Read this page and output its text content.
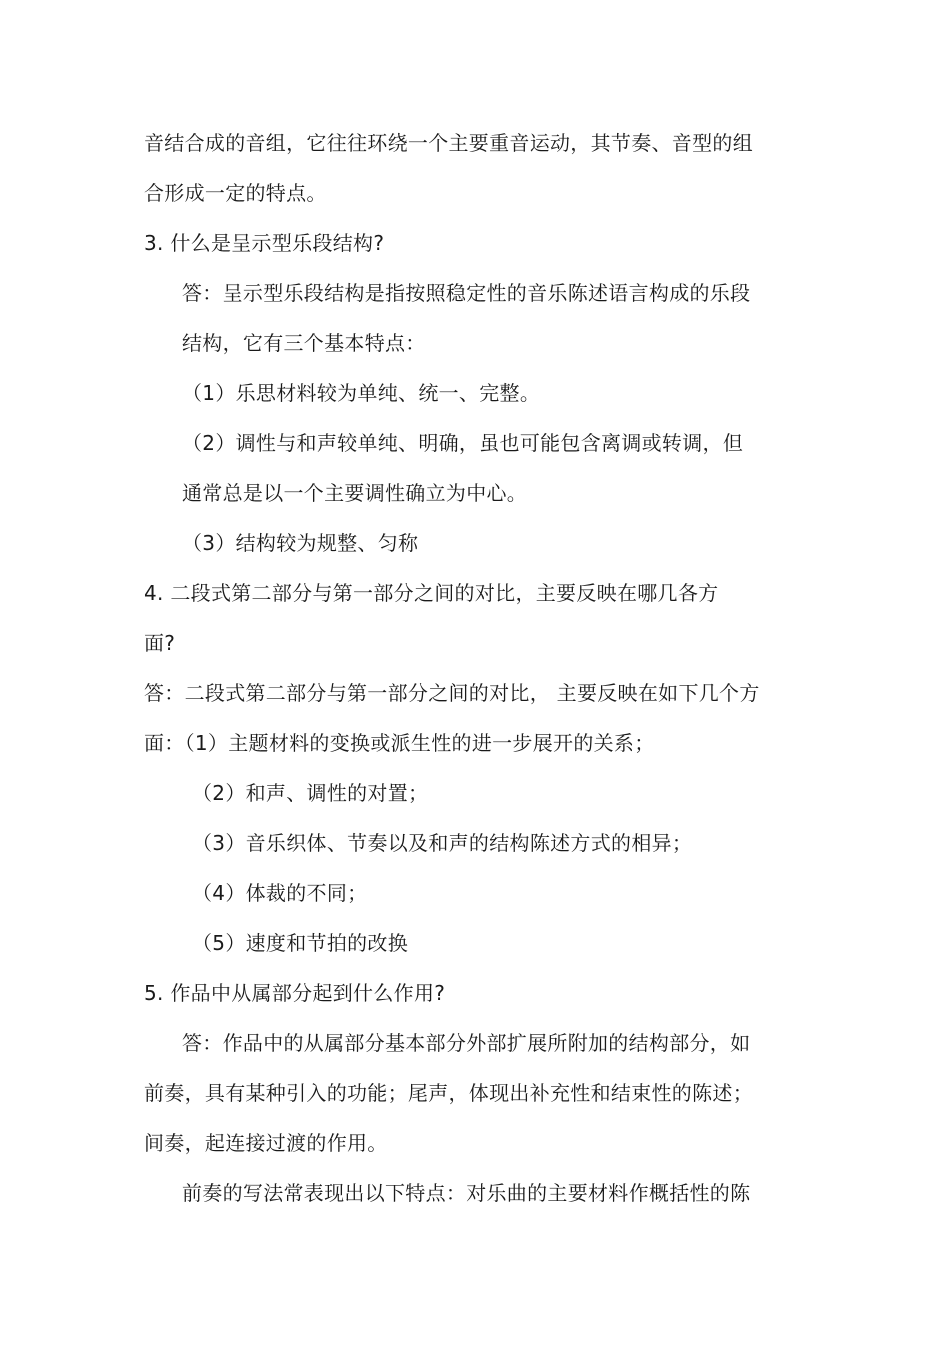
音结合成的音组，它往往环绕一个主要重音运动，其节奏、音型的组
合形成一定的特点。
3. 什么是呈示型乐段结构?
答：呈示型乐段结构是指按照稳定性的音乐陈述语言构成的乐段
结构，它有三个基本特点：
（1）乐思材料较为单纯、统一、完整。
（2）调性与和声较单纯、明确，虽也可能包含离调或转调，但
通常总是以一个主要调性确立为中心。
（3）结构较为规整、匀称
4. 二段式第二部分与第一部分之间的对比，主要反映在哪几各方
面?
答：二段式第二部分与第一部分之间的对比， 主要反映在如下几个方
面：（1）主题材料的变换或派生性的进一步展开的关系；
（2）和声、调性的对置；
（3）音乐织体、节奏以及和声的结构陈述方式的相异；
（4）体裁的不同；
（5）速度和节拍的改换
5. 作品中从属部分起到什么作用?
答：作品中的从属部分基本部分外部扩展所附加的结构部分，如
前奏，具有某种引入的功能；尾声，体现出补充性和结束性的陈述；
间奏，起连接过渡的作用。
前奏的写法常表现出以下特点：对乐曲的主要材料作概括性的陈
